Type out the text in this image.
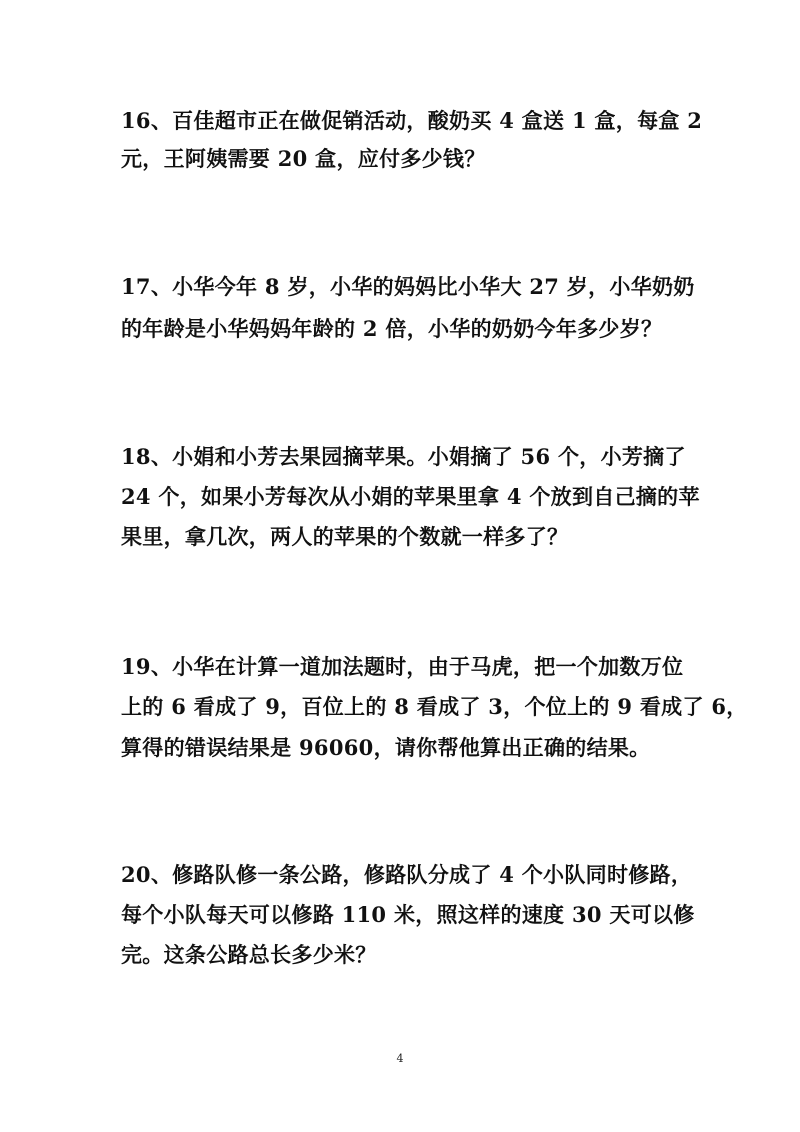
16、百佳超市正在做促销活动，酸奶买 4 盒送 1 盒，每盒 2
元，王阿姨需要 20 盒，应付多少钱？
17、小华今年 8 岁，小华的妈妈比小华大 27 岁，小华奶奶
的年龄是小华妈妈年龄的 2 倍，小华的奶奶今年多少岁？
18、小娟和小芳去果园摘苹果。小娟摘了 56 个，小芳摘了
24 个，如果小芳每次从小娟的苹果里拿 4 个放到自己摘的苹
果里，拿几次，两人的苹果的个数就一样多了？
19、小华在计算一道加法题时，由于马虎，把一个加数万位
上的 6 看成了 9，百位上的 8 看成了 3，个位上的 9 看成了 6，
算得的错误结果是 96060，请你帮他算出正确的结果。
20、修路队修一条公路，修路队分成了 4 个小队同时修路，
每个小队每天可以修路 110 米，照这样的速度 30 天可以修
完。这条公路总长多少米？
4
